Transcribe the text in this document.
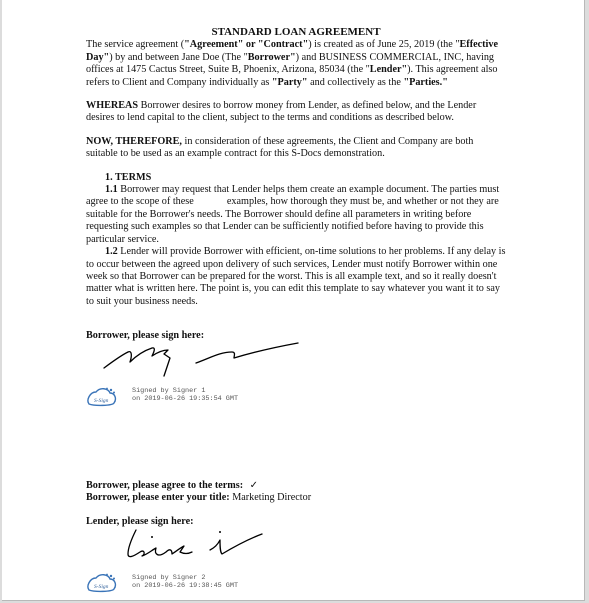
STANDARD LOAN AGREEMENT

The service agreement ("Agreement" or "Contract") is created as of June 25, 2019 (the "Effective Day") by and between Jane Doe (The "Borrower") and BUSINESS COMMERCIAL, INC, having offices at 1475 Cactus Street, Suite B, Phoenix, Arizona, 85034 (the "Lender"). This agreement also refers to Client and Company individually as "Party" and collectively as the "Parties."

WHEREAS Borrower desires to borrow money from Lender, as defined below, and the Lender desires to lend capital to the client, subject to the terms and conditions as described below.

NOW, THEREFORE, in consideration of these agreements, the Client and Company are both suitable to be used as an example contract for this S-Docs demonstration.

1. TERMS

1.1 Borrower may request that Lender helps them create an example document. The parties must agree to the scope of these             examples, how thorough they must be, and whether or not they are suitable for the Borrower's needs. The Borrower should define all parameters in writing before requesting such examples so that Lender can be sufficiently notified before having to provide this particular service.

1.2 Lender will provide Borrower with efficient, on-time solutions to her problems. If any delay is to occur between the agreed upon delivery of such services, Lender must notify Borrower within one week so that Borrower can be prepared for the worst. This is all example text, and so it really doesn't matter what is written here. The point is, you can edit this template to say whatever you want it to say to suit your business needs.

Borrower, please sign here:
S-Sign
Signed by Signer 1
on 2019-06-26 19:35:54 GMT
Borrower, please agree to the terms: ✓
Borrower, please enter your title: Marketing Director
Lender, please sign here:
S-Sign
Signed by Signer 2
on 2019-06-26 19:38:45 GMT
